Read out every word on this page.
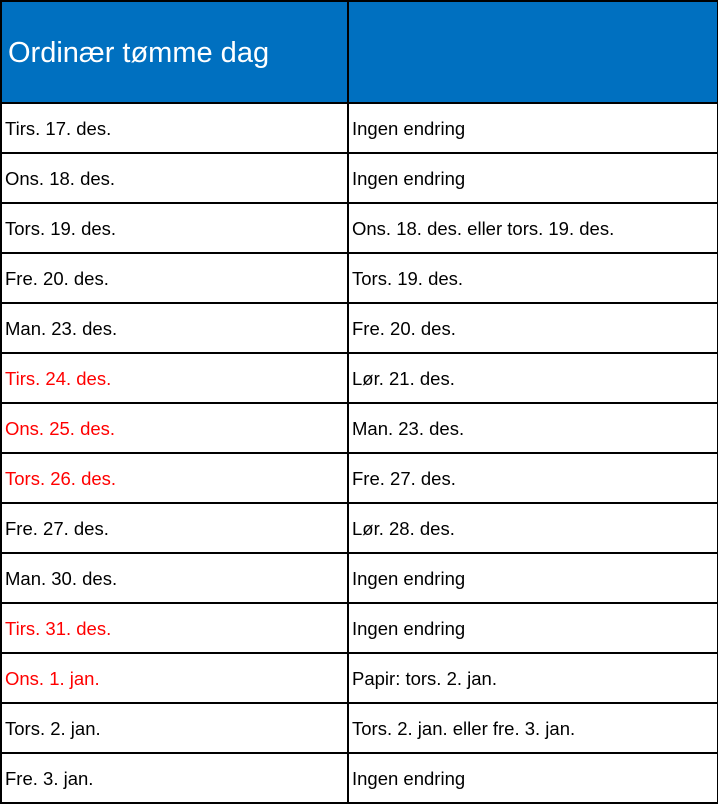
Ordinær tømme dag	
Tirs. 17. des.	Ingen endring
Ons. 18. des.	Ingen endring
Tors. 19. des.	Ons. 18. des. eller tors. 19. des.
Fre. 20. des.	Tors. 19. des.
Man. 23. des.	Fre. 20. des.
Tirs. 24. des.	Lør. 21. des.
Ons. 25. des.	Man. 23. des.
Tors. 26. des.	Fre. 27. des.
Fre. 27. des.	Lør. 28. des.
Man. 30. des.	Ingen endring
Tirs. 31. des.	Ingen endring
Ons. 1. jan.	Papir: tors. 2. jan.
Tors. 2. jan.	Tors. 2. jan. eller fre. 3. jan.
Fre. 3. jan.	Ingen endring
